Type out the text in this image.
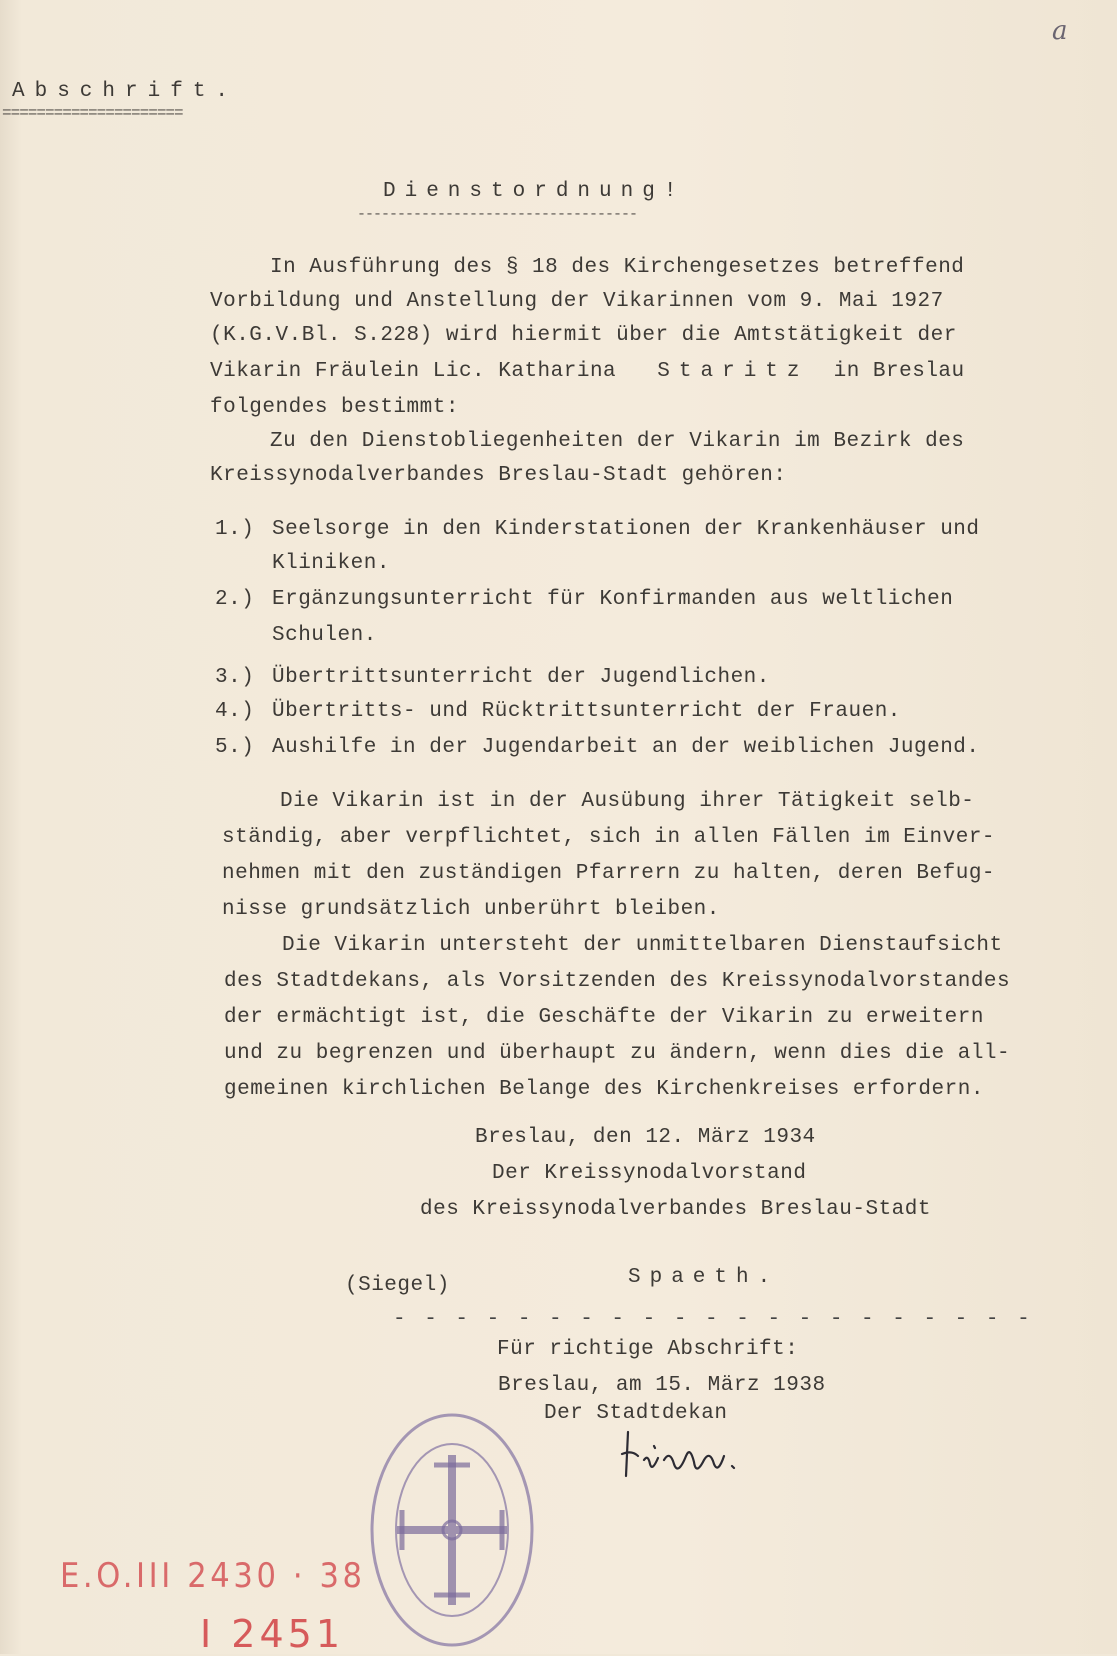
a
Abschrift.
=====================
Dienstordnung!
-----------------------------------
In Ausführung des § 18 des Kirchengesetzes betreffend
Vorbildung und Anstellung der Vikarinnen vom 9. Mai 1927
(K.G.V.Bl. S.228) wird hiermit über die Amtstätigkeit der
Vikarin Fräulein Lic. Katharina Staritz in Breslau
folgendes bestimmt:
Zu den Dienstobliegenheiten der Vikarin im Bezirk des
Kreissynodalverbandes Breslau-Stadt gehören:
1.) Seelsorge in den Kinderstationen der Krankenhäuser und
Kliniken.
2.) Ergänzungsunterricht für Konfirmanden aus weltlichen
Schulen.
3.) Übertrittsunterricht der Jugendlichen.
4.) Übertritts- und Rücktrittsunterricht der Frauen.
5.) Aushilfe in der Jugendarbeit an der weiblichen Jugend.
Die Vikarin ist in der Ausübung ihrer Tätigkeit selb-
ständig, aber verpflichtet, sich in allen Fällen im Einver-
nehmen mit den zuständigen Pfarrern zu halten, deren Befug-
nisse grundsätzlich unberührt bleiben.
Die Vikarin untersteht der unmittelbaren Dienstaufsicht
des Stadtdekans, als Vorsitzenden des Kreissynodalvorstandes
der ermächtigt ist, die Geschäfte der Vikarin zu erweitern
und zu begrenzen und überhaupt zu ändern, wenn dies die all-
gemeinen kirchlichen Belange des Kirchenkreises erfordern.
Breslau, den 12. März 1934
Der Kreissynodalvorstand
des Kreissynodalverbandes Breslau-Stadt
(Siegel)	Spaeth.
- - - - - - - - - - - - - - - - - - - - -
Für richtige Abschrift:
Breslau, am 15. März 1938
Der Stadtdekan
E.O.III 2430 · 38
I 2451
